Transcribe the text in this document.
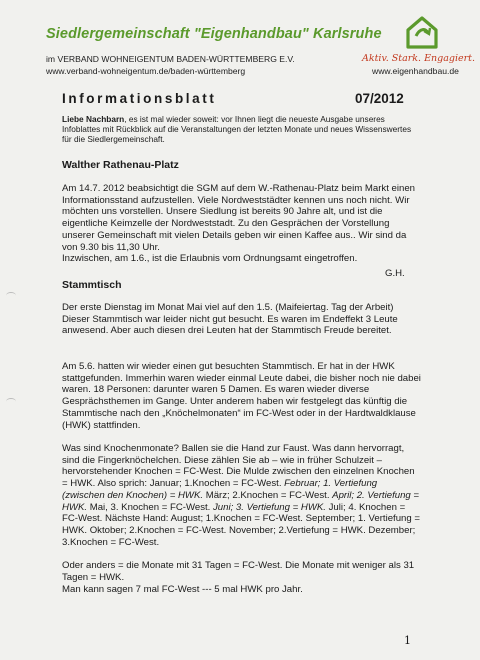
Siedlergemeinschaft "Eigenhandbau" Karlsruhe
im VERBAND WOHNEIGENTUM BADEN-WÜRTTEMBERG E.V.
www.verband-wohneigentum.de/baden-württemberg
Aktiv. Stark. Engagiert.
www.eigenhandbau.de
Informationsblatt	07/2012
Liebe Nachbarn, es ist mal wieder soweit: vor Ihnen liegt die neueste Ausgabe unseres Infoblattes mit Rückblick auf die Veranstaltungen der letzten Monate und neues Wissenswertes für die Siedlergemeinschaft.
Walther Rathenau-Platz
Am 14.7. 2012 beabsichtigt die SGM auf dem W.-Rathenau-Platz beim Markt einen Informationsstand aufzustellen. Viele Nordweststädter kennen uns noch nicht. Wir möchten uns vorstellen. Unsere Siedlung ist bereits 90 Jahre alt, und ist die eigentliche Keimzelle der Nordweststadt. Zu den Gesprächen der Vorstellung unserer Gemeinschaft mit vielen Details geben wir einen Kaffee aus.. Wir sind da von 9.30 bis 11,30 Uhr.
Inzwischen, am 1.6., ist die Erlaubnis vom Ordnungsamt eingetroffen.
G.H.
Stammtisch
Der erste Dienstag im Monat Mai viel auf den 1.5. (Maifeiertag. Tag der Arbeit) Dieser Stammtisch war leider nicht gut besucht. Es waren im Endeffekt 3 Leute anwesend. Aber auch diesen drei Leuten hat der Stammtisch Freude bereitet.
Am 5.6. hatten wir wieder einen gut besuchten Stammtisch. Er hat in der HWK stattgefunden. Immerhin waren wieder einmal Leute dabei, die bisher noch nie dabei waren. 18 Personen: darunter waren 5 Damen. Es waren wieder diverse Gesprächsthemen im Gange. Unter anderem haben wir festgelegt das künftig die Stammtische nach den „Knöchelmonaten“ im FC-West oder in der Hardtwaldklause (HWK) stattfinden.
Was sind Knochenmonate? Ballen sie die Hand zur Faust. Was dann hervorragt, sind die Fingerknöchelchen. Diese zählen Sie ab – wie in früher Schulzeit – hervorstehender Knochen = FC-West. Die Mulde zwischen den einzelnen Knochen = HWK. Also sprich: Januar; 1.Knochen = FC-West. Februar; 1. Vertiefung (zwischen den Knochen) = HWK. März; 2.Knochen = FC-West. April; 2. Vertiefung = HWK. Mai, 3. Knochen = FC-West. Juni; 3. Vertiefung = HWK. Juli; 4. Knochen = FC-West. Nächste Hand: August; 1.Knochen = FC-West. September; 1. Vertiefung = HWK. Oktober; 2.Knochen = FC-West. November; 2.Vertiefung = HWK. Dezember; 3.Knochen = FC-West.
Oder anders = die Monate mit 31 Tagen = FC-West. Die Monate mit weniger als 31 Tagen = HWK.
Man kann sagen 7 mal FC-West --- 5 mal HWK pro Jahr.
1
